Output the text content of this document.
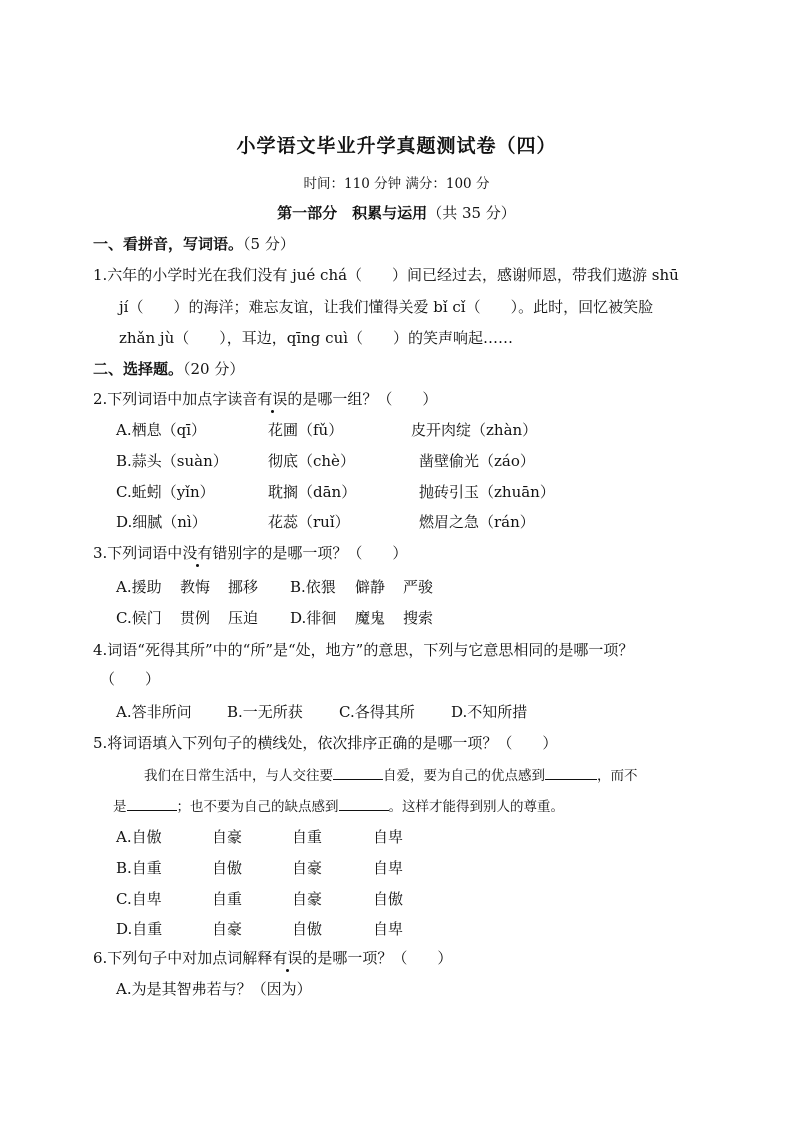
小学语文毕业升学真题测试卷（四）
时间：110 分钟 满分：100 分
第一部分　积累与运用（共 35 分）
一、看拼音，写词语。（5 分）
1.六年的小学时光在我们没有 jué chá（　　）间已经过去，感谢师恩，带我们遨游 shū
jí（　　）的海洋；难忘友谊，让我们懂得关爱 bǐ cǐ（　　）。此时，回忆被笑脸
zhǎn jù（　　），耳边，qīng cuì（　　）的笑声响起……
二、选择题。（20 分）
2.下列词语中加点字读音有误的是哪一组？（　　）
A.栖息（qī）	花圃（fǔ）	皮开肉绽（zhàn）
B.蒜头（suàn）	彻底（chè）	凿壁偷光（záo）
C.蚯蚓（yǐn）	耽搁（dān）	抛砖引玉（zhuān）
D.细腻（nì）	花蕊（ruǐ）	燃眉之急（rán）
3.下列词语中没有错别字的是哪一项？（　　）
A.援助 教悔 挪移 B.依猥 僻静 严骏
C.候门 贯例 压迫 D.徘徊 魔鬼 搜索
4.词语“死得其所”中的“所”是“处，地方”的意思，下列与它意思相同的是哪一项？
（　　）
A.答非所问 B.一无所获 C.各得其所 D.不知所措
5.将词语填入下列句子的横线处，依次排序正确的是哪一项？（　　）
我们在日常生活中，与人交往要	自爱，要为自己的优点感到	，而不
是	；也不要为自己的缺点感到	。这样才能得到别人的尊重。
A.自傲	自豪	自重	自卑
B.自重	自傲	自豪	自卑
C.自卑	自重	自豪	自傲
D.自重	自豪	自傲	自卑
6.下列句子中对加点词解释有误的是哪一项？（　　）
A.为是其智弗若与？（因为）
